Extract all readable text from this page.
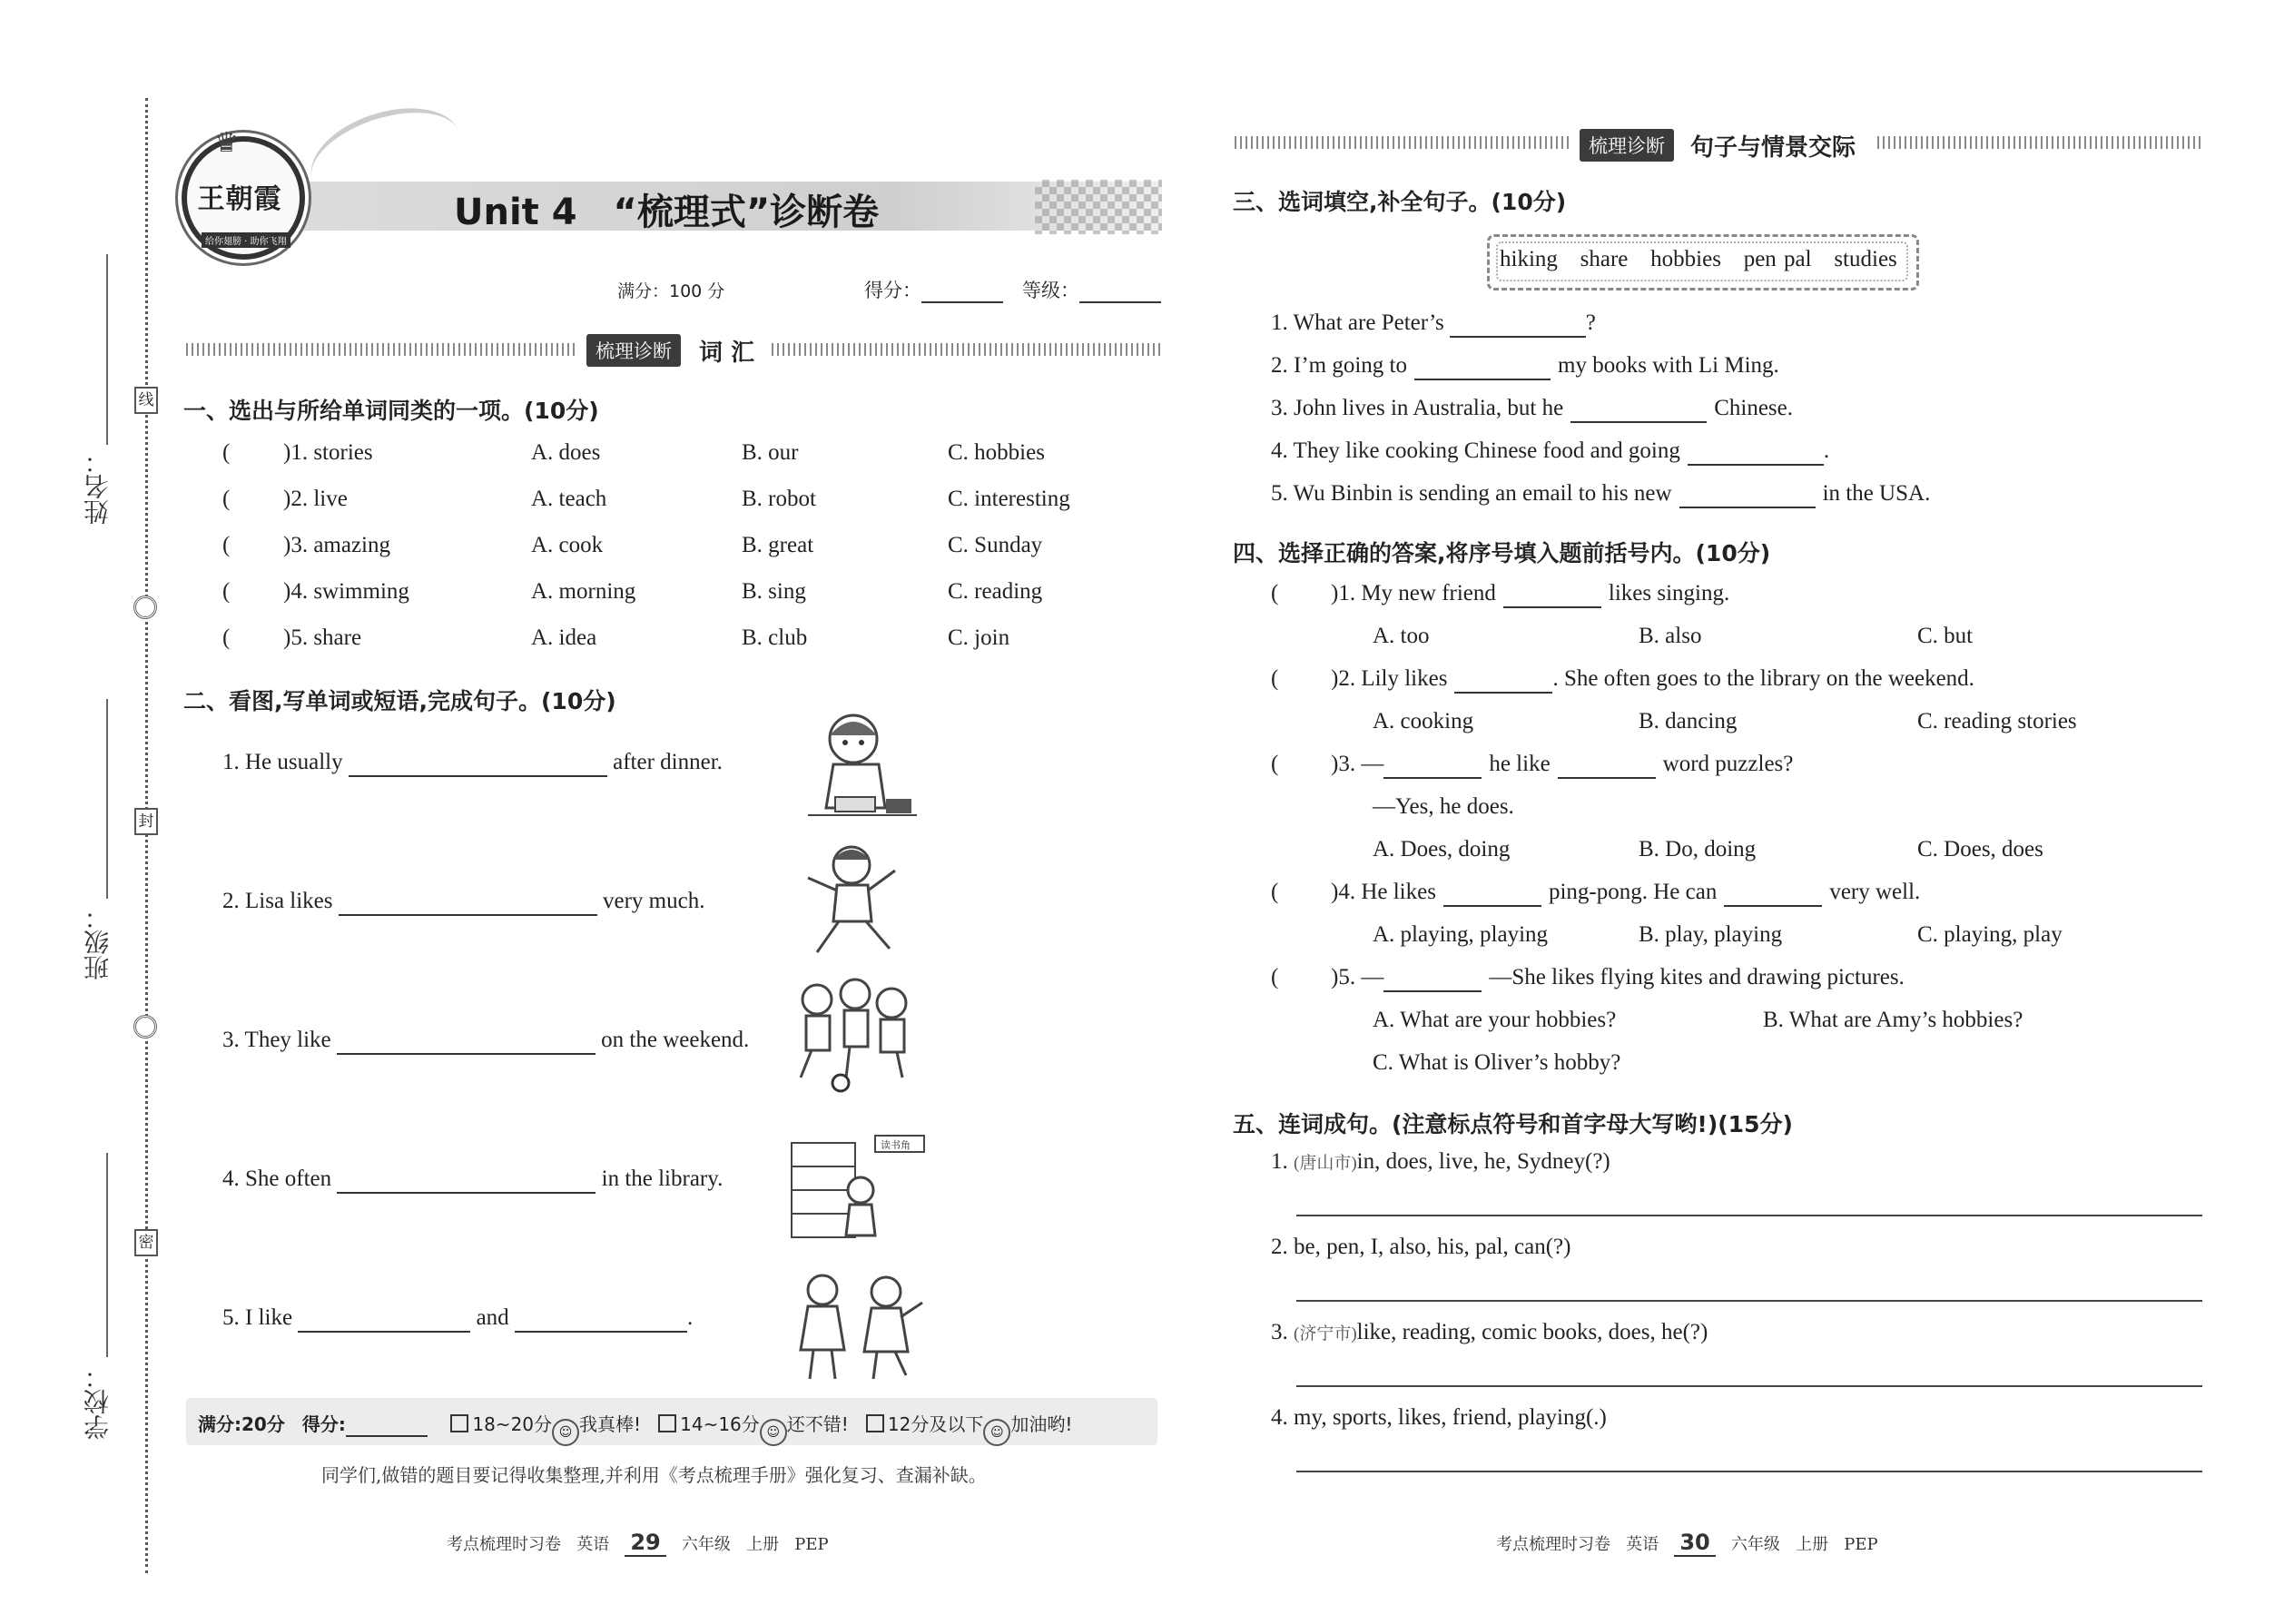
线
封
密
姓名：
班级：
学校：
♛
王朝霞
给你翅膀 · 助你飞翔
Unit 4　“梳理式”诊断卷
满分：100 分	得分：	等级：
梳理诊断	词 汇
一、选出与所给单词同类的一项。(10分)
( )1. stories	A. does	B. our	C. hobbies
( )2. live	A. teach	B. robot	C. interesting
( )3. amazing	A. cook	B. great	C. Sunday
( )4. swimming	A. morning	B. sing	C. reading
( )5. share	A. idea	B. club	C. join
二、看图,写单词或短语,完成句子。(10分)
1. He usually	after dinner.
2. Lisa likes	very much.
3. They like	on the weekend.
4. She often	in the library.
5. I like	and	.
读书角
满分:20分 得分:	18~20分 ☺ 我真棒! 14~16分 ☺ 还不错! 12分及以下 ☺ 加油哟!
同学们,做错的题目要记得收集整理,并利用《考点梳理手册》强化复习、查漏补缺。
考点梳理时习卷 英语 29 六年级 上册 PEP
梳理诊断	句子与情景交际
三、选词填空,补全句子。(10分)
hiking share hobbies pen pal studies
1. What are Peter’s	?
2. I’m going to	my books with Li Ming.
3. John lives in Australia, but he	Chinese.
4. They like cooking Chinese food and going	.
5. Wu Binbin is sending an email to his new	in the USA.
四、选择正确的答案,将序号填入题前括号内。(10分)
( )1. My new friend	likes singing.
A. too	B. also	C. but
( )2. Lily likes	. She often goes to the library on the weekend.
A. cooking	B. dancing	C. reading stories
( )3. —	he like	word puzzles?
—Yes, he does.
A. Does, doing	B. Do, doing	C. Does, does
( )4. He likes	ping-pong. He can	very well.
A. playing, playing	B. play, playing	C. playing, play
( )5. —	—She likes flying kites and drawing pictures.
A. What are your hobbies?	B. What are Amy’s hobbies?
C. What is Oliver’s hobby?
五、连词成句。(注意标点符号和首字母大写哟!)(15分)
1. (唐山市)in, does, live, he, Sydney(?)
2. be, pen, I, also, his, pal, can(?)
3. (济宁市)like, reading, comic books, does, he(?)
4. my, sports, likes, friend, playing(.)
考点梳理时习卷 英语 30 六年级 上册 PEP
